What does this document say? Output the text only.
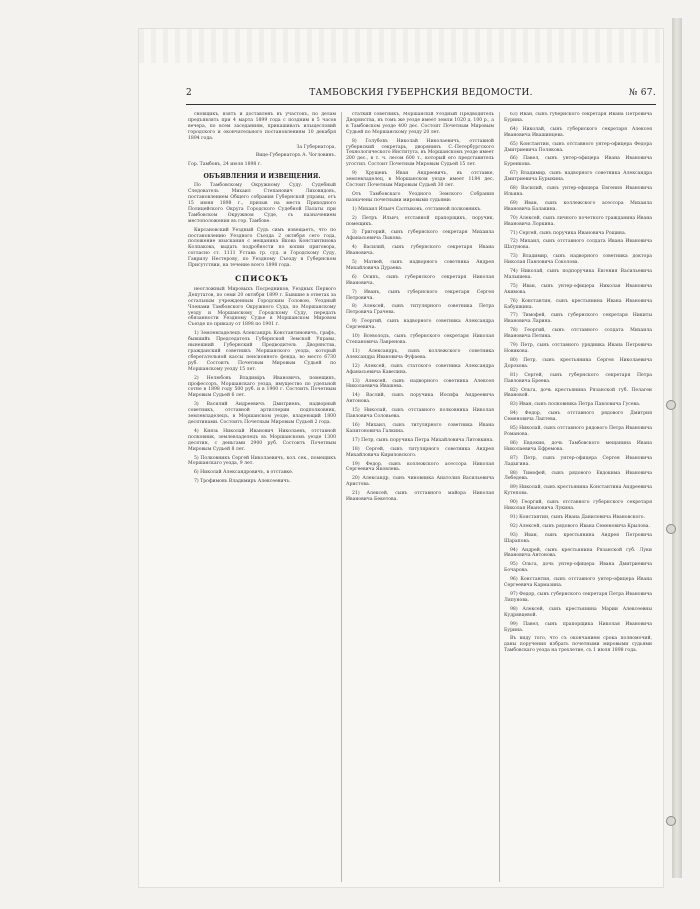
2	ТАМБОВСКИЯ ГУБЕРНСКИЯ ВЕДОМОСТИ.	№ 67.

сновщикъ, взятъ и доставленъ въ участокъ, по делам предъявлять при 4 марта 1899 года с поздним в 5 часов вечера, по всем заседаниям, прикашивать ильщесловий городского и окончательного постановлениям 10 декабря 1894 года.

За Губернатора,

Вице-Губернаторъ А. Чогловинъ.

Гор. Тамбовъ, 24 июля 1898 г.

ОБЪЯВЛЕНИЯ И ИЗВЕЩЕНИЯ.

По Тамбовскому Окружному Суду. Судебный Следователь Михаил Степанович Лиховидовъ, постановлением Общего собрания Губернской управы, отъ 15 июня 1898 г., призыв на места Приходного Полицейского Округа Городского Судебной Палаты при Тамбовском Окружном Суде, съ назначением местоположения въ гор. Тамбове.

Кирсановский Уездный Судъ симъ извещаетъ, что по постановлению Уездного Съезда 2 октября сего года, положение взыскания с мещанина Якова Константинова Колпакова, выдать подробности по копии приговора, согласно ст. 1111 Устава гр. суд. и Городскому Суду, Гаврилу Нестерову, по Уездному Съезду в Губернском Присутствии, на течение всего 1898 года.

СПИСОКЪ

неотложный Мировыхъ Посредников, Уездных Первого Депутатов, по семи 20 октября 1899 г. Бывшие в ответах за остальным учрежденным Городским Головою, Уездный Членами Тамбовского Окружного Суда, по Моршанскому уезду и Моршанскому Городскому Суду, передать обязанности Уездному Судье в Моршанском Мировом Съезде по приказу от 1898 по 1901 г.

1) Землевладелецъ Александръ Константиновичъ, графъ, бывшийъ Председатель Губернской Земской Управы, нынешний Губернский Предводитель Дворянства, гражданский советникъ Моршанского уезда, который сберегательной кассы пенсионного фонда, во место 6730 руб. Состоитъ Почетным Мировым Судьей по Моршанскому уезду 15 лет.

2) Нелюбовъ Владиміръ Ивановичъ, помещикъ, профессоръ, Моршанскаго уезда, имущество по удельной сотне в 1898 году 500 руб. и в 1900 г. Состоитъ Почетным Мировым Судьей 6 лет.

3) Василий Андреевичъ Дмитриевъ, надворный советникъ, отставной артиллерии подполковник, землевладелецъ, в Моршанском уезде, владеющий 1800 десятинами. Состоитъ Почетным Мировым Судьей 2 года.

4) Князь Николай Иванович Николаевъ, отставной полковник, землевладелецъ въ Моршанскомъ уезде 1300 десятин, с деньгами 2900 руб. Состоитъ Почетным Мировым Судьей 8 лет.

5) Полковникъ Сергей Николаевичъ, кол. сек., помещикъ Моршанскаго уезда, 9 лет.

6) Николай Александровичъ, в отставке.

7) Трофимовъ Владимиръ Алексеевичъ.

статкий советникъ, Моршанскій Уездный Предводитель Дворянства, въ томъ же уезде имеет земли 1020 д. 100 р., а в Тамбовском уезде 400 дес. Состоит Почетным Мировым Судьей по Моршанскому уезду 20 лет.

8) Голубовъ Николай Николаевичъ, отставной губернский секретарь, дворянинъ С.-Петербургского Технологического Института, въ Моршанскомъ уезде имеет 200 дес., в т. ч. лесом 600 т., который его представитель угостил. Состоит Почетным Мировым Судьей 15 лет.

9) Хрущевъ Иван Андреевичъ, въ отставке, землевладелец, в Моршанском уезде имеет 1184 дес. Состоит Почетным Мировым Судьей 30 лет.

Отъ Тамбовскаго Уездного Земского Собрания назначены почетными мировыми судьями:

1) Михаил Ильич Салтыковъ, отставной полковникъ.

2) Петръ Ильич, отставной прапорщикъ, поручик, помещикъ.

3) Григорий, сынъ губернского секретаря Михаила Афанасьевича Лыкова.

4) Василий, сынъ губернского секретаря Ивана Ивановича.

5) Матвей, сынъ надворного советника Андрея Михайловича Дураева.

6) Осипъ, сынъ губернского секретаря Николая Ивановича.

7) Иванъ, сынъ губернского секретаря Сергея Петровича.

8) Алексей, сынъ титулярного советника Петра Петровича Грачева.

9) Георгий, сынъ надворного советника Александра Сергеевича.

10) Всеволодъ, сынъ губернского секретаря Николая Степановича Лавренова.

11) Александръ, сынъ коллежского советника Александра Ивановича Фуфаева.

12) Алексей, сынъ статского советника Александра Афанасьевича Кавелина.

13) Алексей, сынъ надворного советника Алексея Николаевича Ивашева.

14) Васлий, сынъ поручика Иосифа Андреевича Антонова.

15) Николай, сынъ отставного полковника Николая Павловича Соловьева.

16) Михаил, сынъ титулярного советника Ивана Капитоновича Галкина.

17) Петр, сынъ поручика Петра Михайловича Литовкина.

18) Сергей, сынъ титулярного советника Андрея Михайловича Кириловского.

19) Федор, сынъ коллежского асессора Николая Сергеевича Яковлева.

20) Александр, сынъ чиновника Анатолия Васильевича Аристова.

21) Алексей, сынъ отставного майора Николая Ивановича Бекетова.

63) Иван, сынъ губернского секретаря Ивана Петровича Бурина.

64) Николай, сынъ губернского секретаря Алексея Ивановича Ивашинцева.

65) Константин, сынъ отставного унтер-офицера Федора Дмитриевича Полякова.

66) Павел, сынъ унтер-офицера Ивана Ивановича Буренкова.

67) Владимир, сынъ надворного советника Александра Дмитриевича Бурыкина.

68) Василий, сынъ унтер-офицера Евгения Ивановича Ильина.

69) Иван, сынъ коллежского асессора Михаила Ивановича Балакина.

70) Алексей, сынъ личного почетного гражданина Ивана Ивановича Лоркина.

71) Сергей, сынъ поручика Ивановича Рощина.

72) Михаил, сынъ отставного солдата Ивана Ивановича Шатунова.

73) Владимир, сынъ надворного советника доктора Николая Павловича Соколова.

74) Николай, сынъ подпоручика Евгения Васильевича Малышева.

75) Иван, сынъ унтер-офицера Николая Ивановича Акимова.

76) Константин, сынъ крестьянина Ивана Ивановича Бабушкина.

77) Тимофей, сынъ губернского секретаря Никиты Ивановича Ларина.

78) Георгий, сынъ отставного солдата Михаила Ивановича Петина.

79) Петр, сынъ отставного урядника Ивана Петровича Новикова.

80) Петр, сынъ крестьянина Сергея Николаевича Дорохова.

81) Сергей, сынъ губернского секретаря Петра Павловича Бреева.

82) Ольга, дочь крестьянина Рязанской губ. Пелагеи Ивановой.

83) Иван, сынъ полковника Петра Павловича Гусева.

84) Федор, сынъ отставного рядового Дмитрия Семеновича Лаптева.

85) Николай, сынъ отставного рядового Петра Ивановича Романова.

86) Евдокия, дочь Тамбовского мещанина Ивана Николаевича Ефремова.

87) Петр, сынъ унтер-офицера Сергея Ивановича Ладыгина.

88) Тимофей, сынъ рядового Евдокима Ивановича Лебедева.

89) Николай, сынъ крестьянина Константина Андреевича Кутепова.

90) Георгий, сынъ отставного губернского секретаря Николая Ивановича Лукина.

91) Константин, сынъ Ивана Даниловича Ивановского.

92) Алексей, сынъ рядового Ивана Семеновича Крылова.

93) Иван, сынъ крестьянина Андрея Петровича Шарапова.

94) Андрей, сынъ крестьянина Рязанской губ. Луки Ивановича Антонова.

95) Ольга, дочь унтер-офицера Ивана Дмитриевича Бочарова.

96) Константин, сынъ отставного унтер-офицера Ивана Сергеевича Кармазина.

97) Федор, сынъ губернского секретаря Петра Ивановича Ляпунова.

98) Алексей, сынъ крестьянина Марии Алексеевны Кудрявцевой.

99) Павел, сынъ прапорщика Николая Ивановича Бурина.

Въ виду того, что съ окончанием срока полномочий, даны поручения избрать почетными мировыми судьями Тамбовскаго уезда на трехлетие, съ 1 июля 1898 года.
